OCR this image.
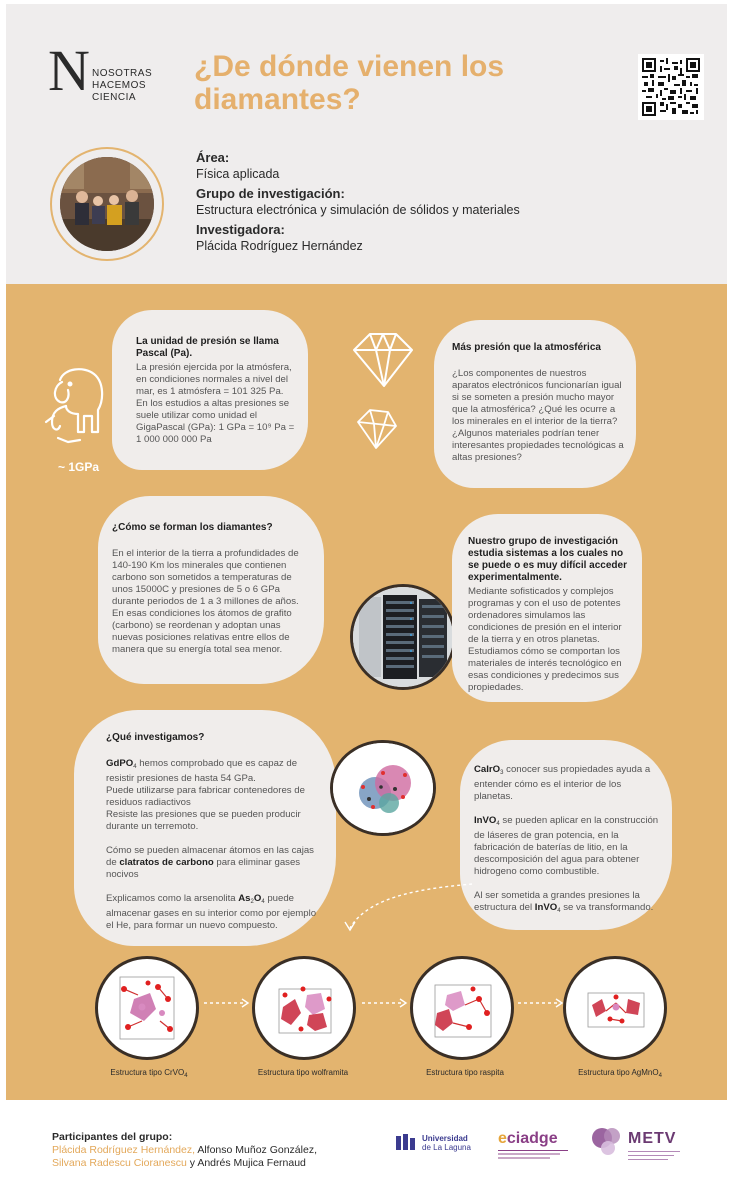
N NOSOTRAS
HACEMOS
CIENCIA
¿De dónde vienen los diamantes?
Área:
Física aplicada
Grupo de investigación:
Estructura electrónica y simulación de sólidos y materiales
Investigadora:
Plácida Rodríguez Hernández
~ 1GPa
La unidad de presión se llama Pascal (Pa).

La presión ejercida por la atmósfera, en condiciones normales a nivel del mar, es 1 atmósfera = 101 325 Pa.

En los estudios a altas presiones se suele utilizar como unidad el GigaPascal (GPa): 1 GPa = 10⁹ Pa = 1 000 000 000 Pa

Más presión que la atmosférica

¿Los componentes de nuestros aparatos electrónicos funcionarían igual si se someten a presión mucho mayor que la atmosférica? ¿Qué les ocurre a los minerales en el interior de la tierra? ¿Algunos materiales podrían tener interesantes propiedades tecnológicas a altas presiones?

¿Cómo se forman los diamantes?

En el interior de la tierra a profundidades de 140-190 Km los minerales que contienen carbono son sometidos a temperaturas de unos 15000C y presiones de 5 o 6 GPa durante periodos de 1 a 3 millones de años.

En esas condiciones los átomos de grafito (carbono) se reordenan y adoptan unas nuevas posiciones relativas entre ellos de manera que su energía total sea menor.

Nuestro grupo de investigación estudia sistemas a los cuales no se puede o es muy difícil acceder experimentalmente.

Mediante sofisticados y complejos programas y con el uso de potentes ordenadores simulamos las condiciones de presión en el interior de la tierra y en otros planetas.

Estudiamos cómo se comportan los materiales de interés tecnológico en esas condiciones y predecimos sus propiedades.

¿Qué investigamos?

GdPO$_4$ hemos comprobado que es capaz de resistir presiones de hasta 54 GPa.

Puede utilizarse para fabricar contenedores de residuos radiactivos

Resiste las presiones que se pueden producir durante un terremoto.

Cómo se pueden almacenar átomos en las cajas de clatratos de carbono para eliminar gases nocivos

Explicamos como la arsenolita $As_2O_4$ puede almacenar gases en su interior como por ejemplo el He, para formar un nuevo compuesto.

CaIrO$_3$ conocer sus propiedades ayuda a entender cómo es el interior de los planetas.

InVO$_4$ se pueden aplicar en la construcción de láseres de gran potencia, en la fabricación de baterías de litio, en la descomposición del agua para obtener hidrogeno como combustible.

Al ser sometida a grandes presiones la estructura del InVO$_4$ se va transformando.

Estructura tipo CrVO$_4$	Estructura tipo wolframita	Estructura tipo raspita	Estructura tipo AgMnO$_4$
Participantes del grupo:
Plácida Rodríguez Hernández, Alfonso Muñoz González,
Silvana Radescu Cioranescu y Andrés Mujica Fernaud
Universidad
de La Laguna
eciadge	METV
